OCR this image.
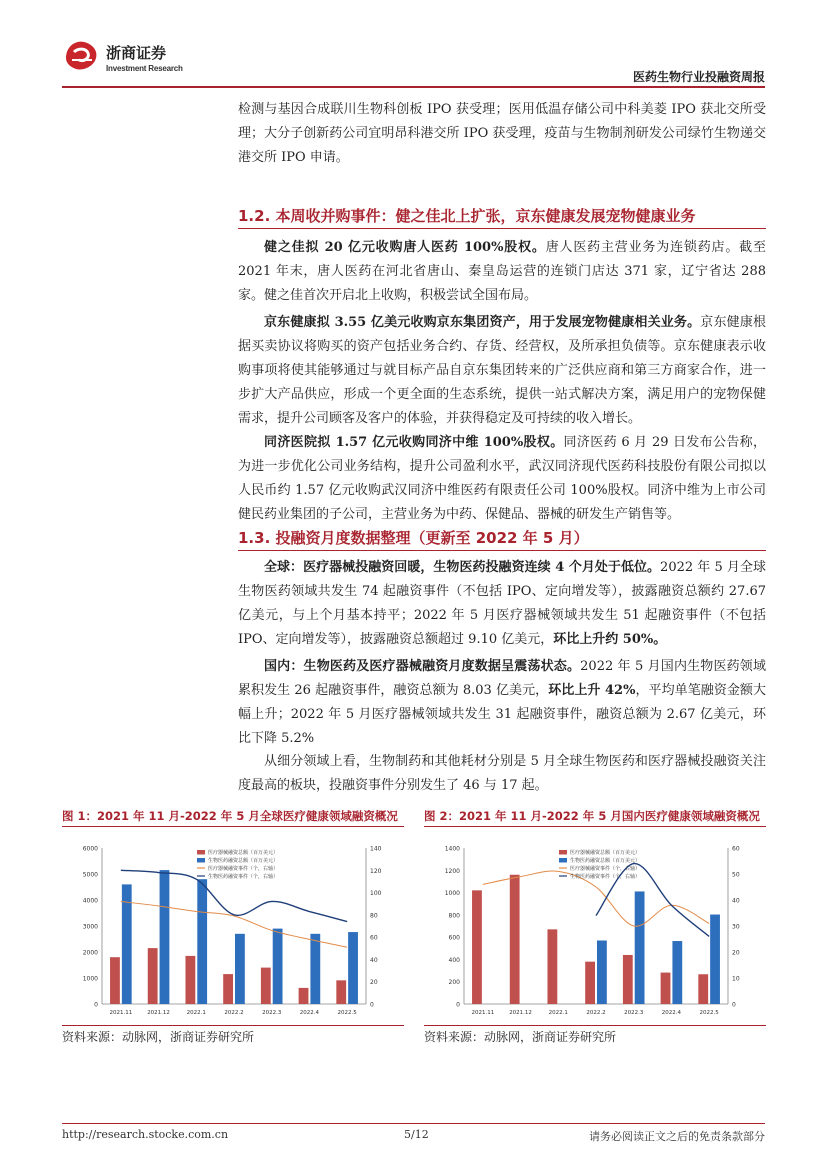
浙商证券
Investment Research
医药生物行业投融资周报

检测与基因合成联川生物科创板 IPO 获受理；医用低温存储公司中科美菱 IPO 获北交所受理；大分子创新药公司宜明昂科港交所 IPO 获受理，疫苗与生物制剂研发公司绿竹生物递交港交所 IPO 申请。

1.2. 本周收并购事件：健之佳北上扩张，京东健康发展宠物健康业务

健之佳拟 20 亿元收购唐人医药 100%股权。唐人医药主营业务为连锁药店。截至 2021 年末，唐人医药在河北省唐山、秦皇岛运营的连锁门店达 371 家，辽宁省达 288 家。健之佳首次开启北上收购，积极尝试全国布局。

京东健康拟 3.55 亿美元收购京东集团资产，用于发展宠物健康相关业务。京东健康根据买卖协议将购买的资产包括业务合约、存货、经营权，及所承担负债等。京东健康表示收购事项将使其能够通过与就目标产品自京东集团转来的广泛供应商和第三方商家合作，进一步扩大产品供应，形成一个更全面的生态系统，提供一站式解决方案，满足用户的宠物保健需求，提升公司顾客及客户的体验，并获得稳定及可持续的收入增长。

同济医院拟 1.57 亿元收购同济中维 100%股权。同济医药 6 月 29 日发布公告称，为进一步优化公司业务结构，提升公司盈利水平，武汉同济现代医药科技股份有限公司拟以人民币约 1.57 亿元收购武汉同济中维医药有限责任公司 100%股权。同济中维为上市公司健民药业集团的子公司，主营业务为中药、保健品、器械的研发生产销售等。

1.3. 投融资月度数据整理（更新至 2022 年 5 月）

全球：医疗器械投融资回暖，生物医药投融资连续 4 个月处于低位。2022 年 5 月全球生物医药领域共发生 74 起融资事件（不包括 IPO、定向增发等），披露融资总额约 27.67 亿美元，与上个月基本持平；2022 年 5 月医疗器械领域共发生 51 起融资事件（不包括 IPO、定向增发等），披露融资总额超过 9.10 亿美元，环比上升约 50%。

国内：生物医药及医疗器械融资月度数据呈震荡状态。2022 年 5 月国内生物医药领域累积发生 26 起融资事件，融资总额为 8.03 亿美元，环比上升 42%，平均单笔融资金额大幅上升；2022 年 5 月医疗器械领域共发生 31 起融资事件，融资总额为 2.67 亿美元，环比下降 5.2%

从细分领域上看，生物制药和其他耗材分别是 5 月全球生物医药和医疗器械投融资关注度最高的板块，投融资事件分别发生了 46 与 17 起。

图 1：2021 年 11 月-2022 年 5 月全球医疗健康领域融资概况
0
1000
2000
3000
4000
5000
6000
0
20
40
60
80
100
120
140
2021.11	2021.12	2022.1	2022.2	2022.3	2022.4	2022.5
医疗器械融资总额（百万美元）
生物医药融资总额（百万美元）
医疗器械融资事件（个，右轴）
生物医药融资事件（个，右轴）
资料来源：动脉网，浙商证券研究所
图 2：2021 年 11 月-2022 年 5 月国内医疗健康领域融资概况
0
200
400
600
800
1000
1200
1400
0
10
20
30
40
50
60
2021.11	2021.12	2022.1	2022.2	2022.3	2022.4	2022.5
医疗器械融资总额（百万美元）
生物医药融资总额（百万美元）
医疗器械融资事件（个，右轴）
生物医药融资事件（个，右轴）
资料来源：动脉网，浙商证券研究所
http://research.stocke.com.cn	5/12	请务必阅读正文之后的免责条款部分
